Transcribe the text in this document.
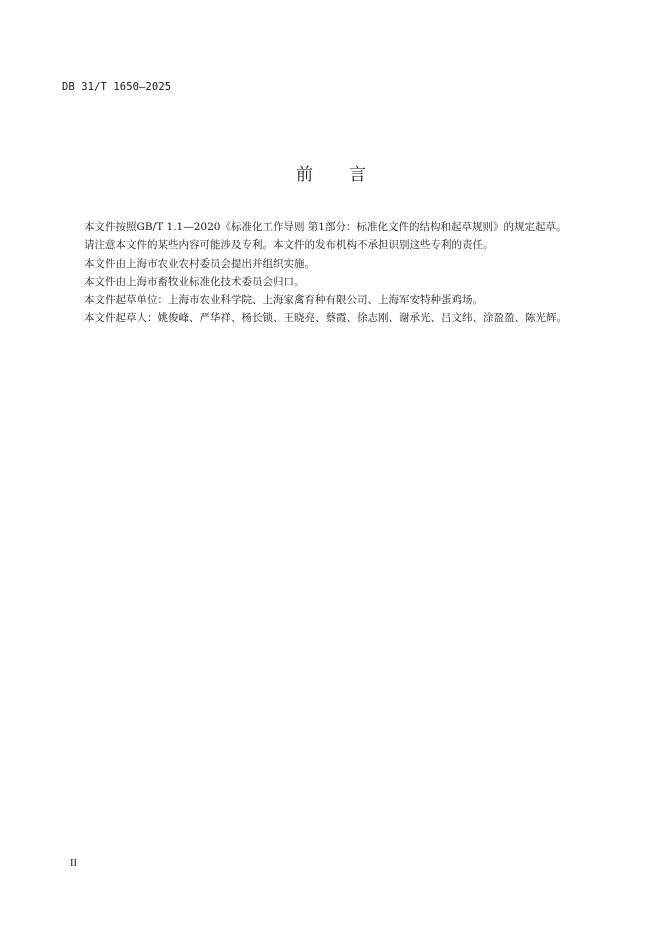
DB 31/T 1650—2025
前 言

本文件按照GB/T 1.1—2020《标准化工作导则 第1部分：标准化文件的结构和起草规则》的规定起草。

请注意本文件的某些内容可能涉及专利。本文件的发布机构不承担识别这些专利的责任。

本文件由上海市农业农村委员会提出并组织实施。

本文件由上海市畜牧业标准化技术委员会归口。

本文件起草单位：上海市农业科学院、上海家禽育种有限公司、上海军安特种蛋鸡场。

本文件起草人：姚俊峰、严华祥、杨长锁、王晓亮、蔡霞、徐志刚、谢承光、吕文纬、涂盈盈、陈光辉。

II
